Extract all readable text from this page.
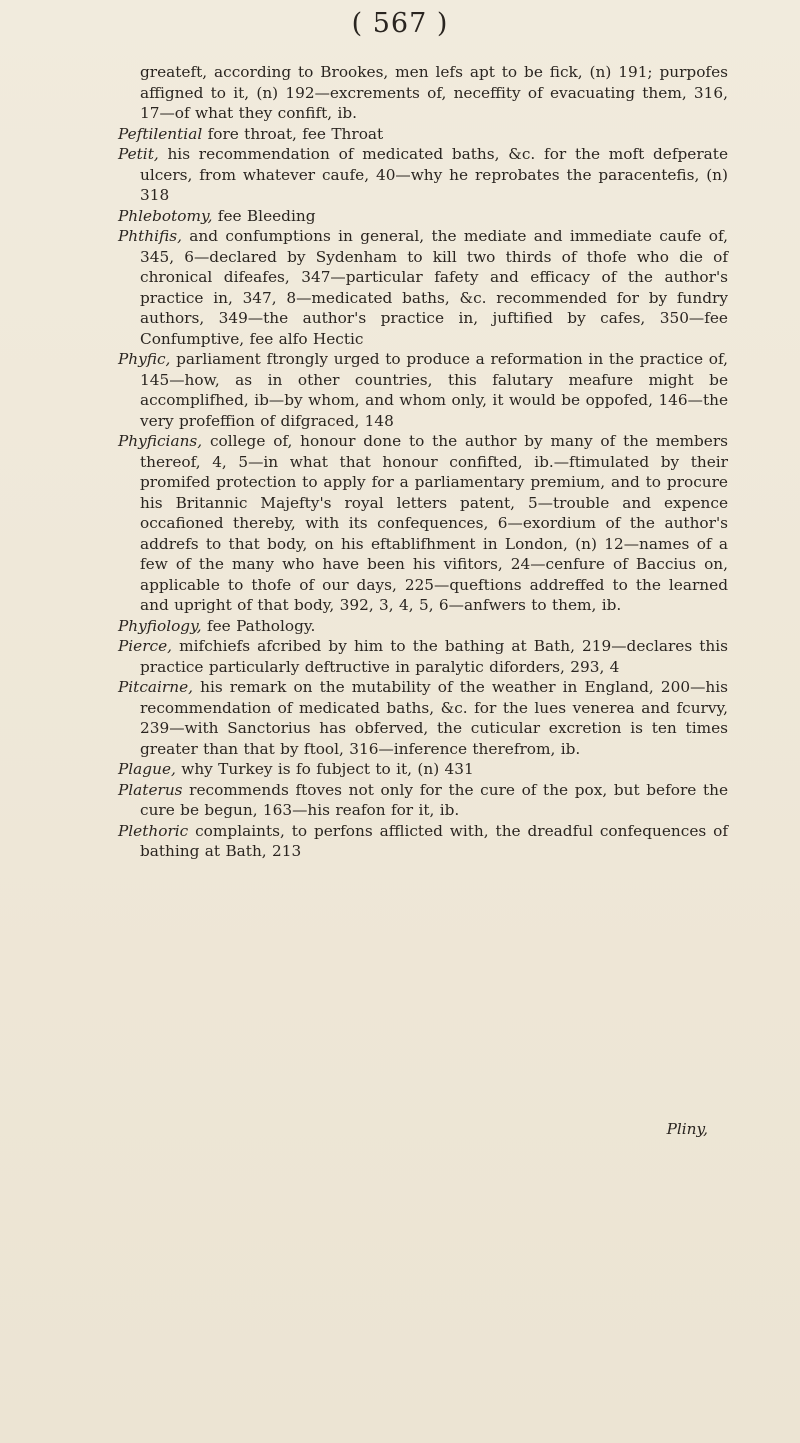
( 567 )

greateft, according to Brookes, men lefs apt to be fick, (n) 191; purpofes affigned to it, (n) 192—excrements of, neceffity of evacuating them, 316, 17—of what they confift, ib.

Peftilential fore throat, fee Throat

Petit, his recommendation of medicated baths, &c. for the moft defperate ulcers, from whatever caufe, 40—why he reprobates the paracentefis, (n) 318

Phlebotomy, fee Bleeding

Phthifis, and confumptions in general, the mediate and immediate caufe of, 345, 6—declared by Sydenham to kill two thirds of thofe who die of chronical difeafes, 347—particular fafety and efficacy of the author's practice in, 347, 8—medicated baths, &c. recommended for by fundry authors, 349—the author's practice in, juftified by cafes, 350—fee Confumptive, fee alfo Hectic

Phyfic, parliament ftrongly urged to produce a reformation in the practice of, 145—how, as in other countries, this falutary meafure might be accomplifhed, ib—by whom, and whom only, it would be oppofed, 146—the very profeffion of difgraced, 148

Phyficians, college of, honour done to the author by many of the members thereof, 4, 5—in what that honour confifted, ib.—ftimulated by their promifed protection to apply for a parliamentary premium, and to procure his Britannic Majefty's royal letters patent, 5—trouble and expence occafioned thereby, with its confequences, 6—exordium of the author's addrefs to that body, on his eftablifhment in London, (n) 12—names of a few of the many who have been his vifitors, 24—cenfure of Baccius on, applicable to thofe of our days, 225—queftions addreffed to the learned and upright of that body, 392, 3, 4, 5, 6—anfwers to them, ib.

Phyfiology, fee Pathology.

Pierce, mifchiefs afcribed by him to the bathing at Bath, 219—declares this practice particularly deftructive in paralytic diforders, 293, 4

Pitcairne, his remark on the mutability of the weather in England, 200—his recommendation of medicated baths, &c. for the lues venerea and fcurvy, 239—with Sanctorius has obferved, the cuticular excretion is ten times greater than that by ftool, 316—inference therefrom, ib.

Plague, why Turkey is fo fubject to it, (n) 431

Platerus recommends ftoves not only for the cure of the pox, but before the cure be begun, 163—his reafon for it, ib.

Plethoric complaints, to perfons afflicted with, the dreadful confequences of bathing at Bath, 213

Pliny,
